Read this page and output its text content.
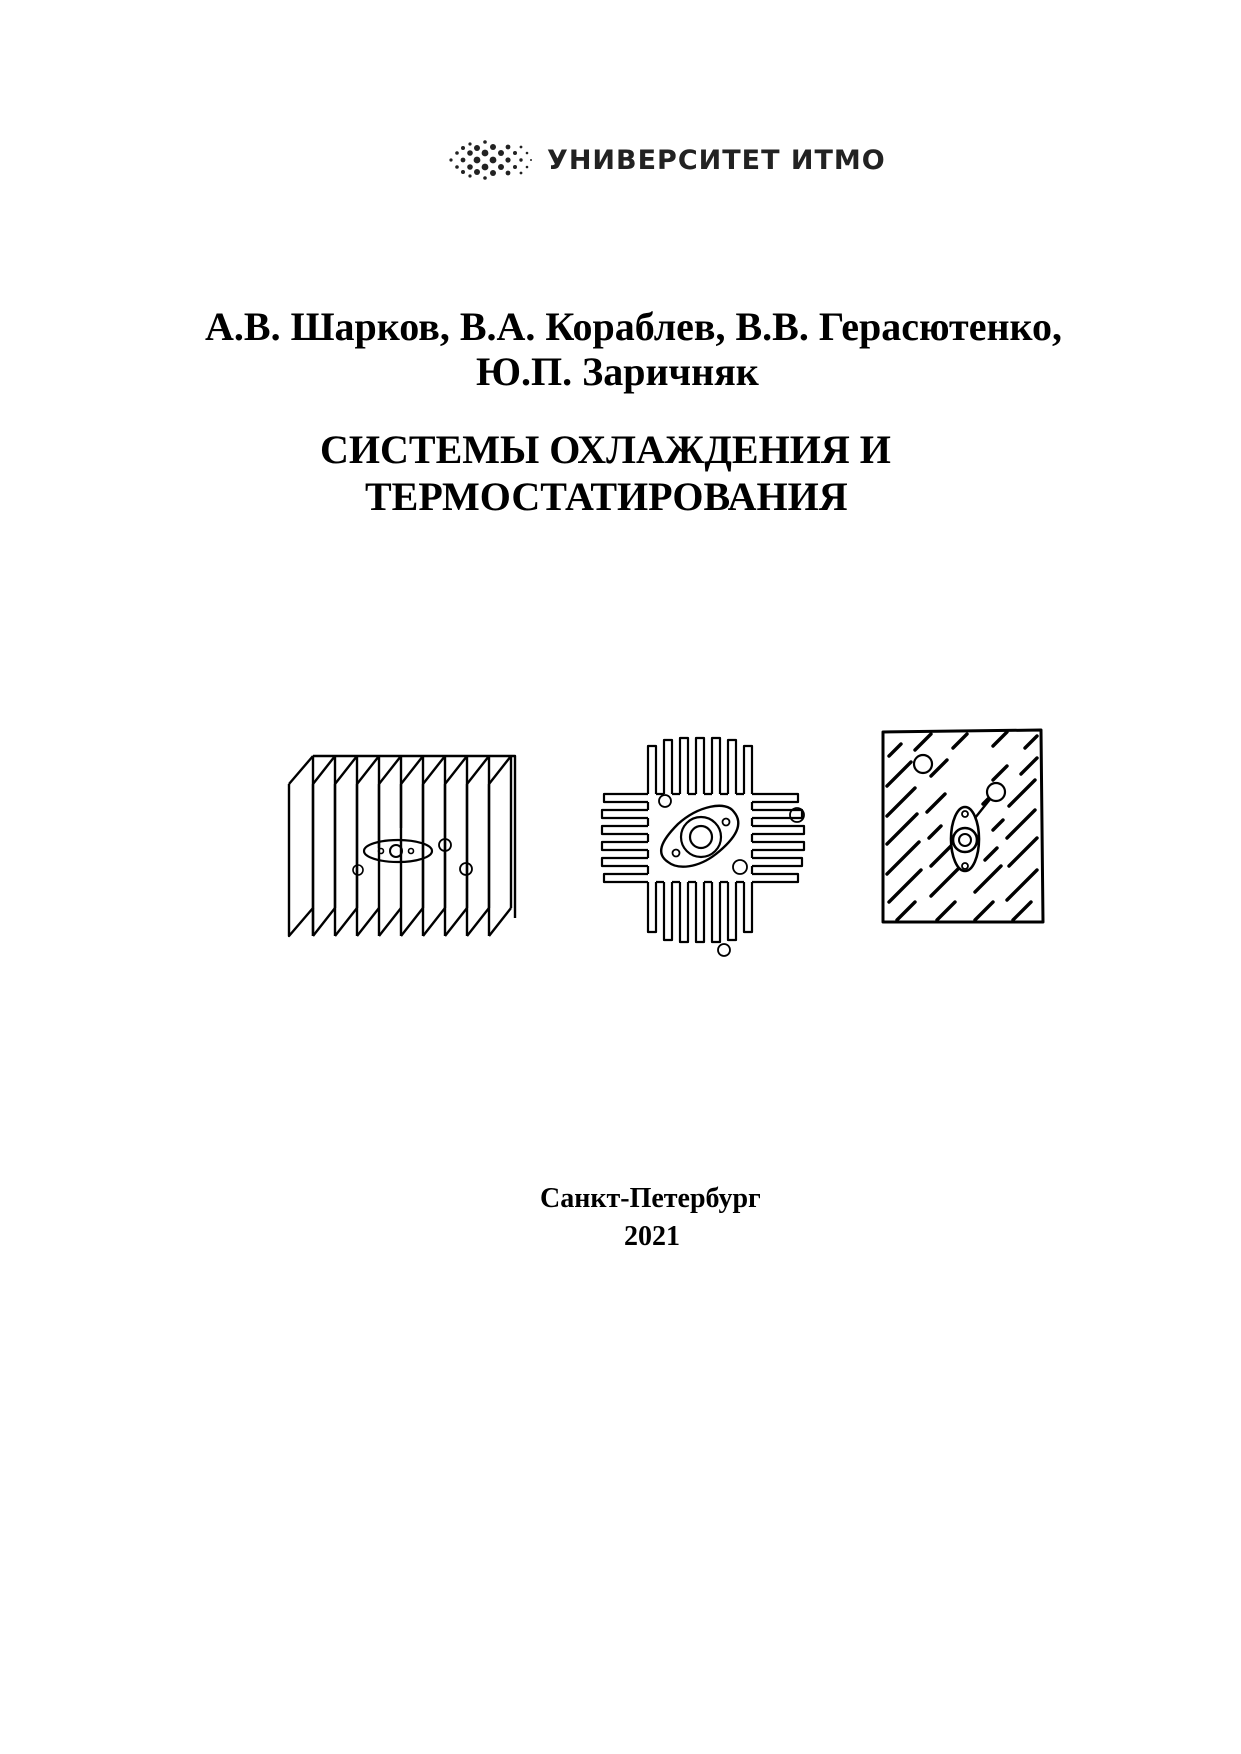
УНИВЕРСИТЕТ ИТМО
А.В. Шарков, В.А. Кораблев, В.В. Герасютенко,
Ю.П. Заричняк
СИСТЕМЫ ОХЛАЖДЕНИЯ И
ТЕРМОСТАТИРОВАНИЯ
Санкт-Петербург
2021
